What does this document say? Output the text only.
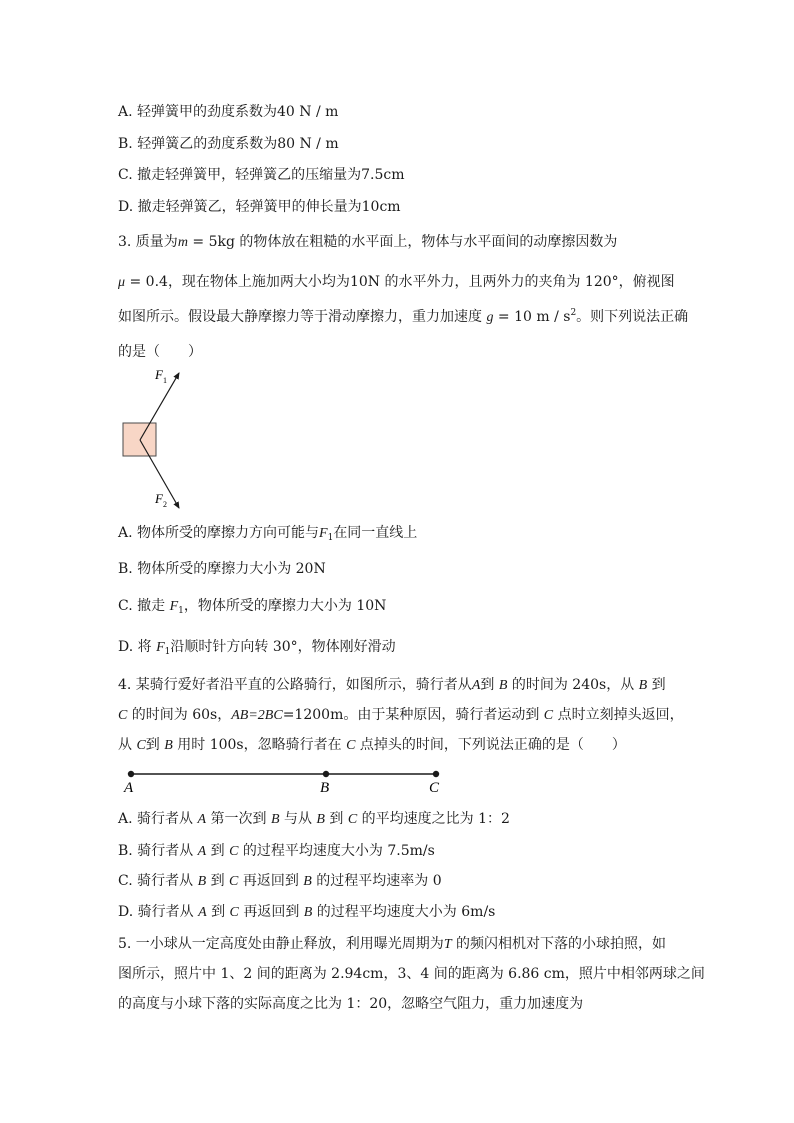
A. 轻弹簧甲的劲度系数为40 N / m
B. 轻弹簧乙的劲度系数为80 N / m
C. 撤走轻弹簧甲，轻弹簧乙的压缩量为7.5cm
D. 撤走轻弹簧乙，轻弹簧甲的伸长量为10cm
3. 质量为m = 5kg 的物体放在粗糙的水平面上，物体与水平面间的动摩擦因数为
μ = 0.4，现在物体上施加两大小均为10N 的水平外力，且两外力的夹角为 120°，俯视图
如图所示。假设最大静摩擦力等于滑动摩擦力，重力加速度 g = 10 m / $s^2$。则下列说法正确
的是（　　）
F 1
F 2
A. 物体所受的摩擦力方向可能与$F_1$在同一直线上
B. 物体所受的摩擦力大小为 20N
C. 撤走 $F_1$，物体所受的摩擦力大小为 10N
D. 将 $F_1$沿顺时针方向转 30°，物体刚好滑动
4. 某骑行爱好者沿平直的公路骑行，如图所示，骑行者从A到 B 的时间为 240s，从 B 到
C 的时间为 60s，AB=2BC=1200m。由于某种原因，骑行者运动到 C 点时立刻掉头返回，
从 C到 B 用时 100s，忽略骑行者在 C 点掉头的时间，下列说法正确的是（　　）
A	B	C
A. 骑行者从 A 第一次到 B 与从 B 到 C 的平均速度之比为 1：2
B. 骑行者从 A 到 C 的过程平均速度大小为 7.5m/s
C. 骑行者从 B 到 C 再返回到 B 的过程平均速率为 0
D. 骑行者从 A 到 C 再返回到 B 的过程平均速度大小为 6m/s
5. 一小球从一定高度处由静止释放，利用曝光周期为T 的频闪相机对下落的小球拍照，如
图所示，照片中 1、2 间的距离为 2.94cm，3、4 间的距离为 6.86 cm，照片中相邻两球之间
的高度与小球下落的实际高度之比为 1：20，忽略空气阻力，重力加速度为
